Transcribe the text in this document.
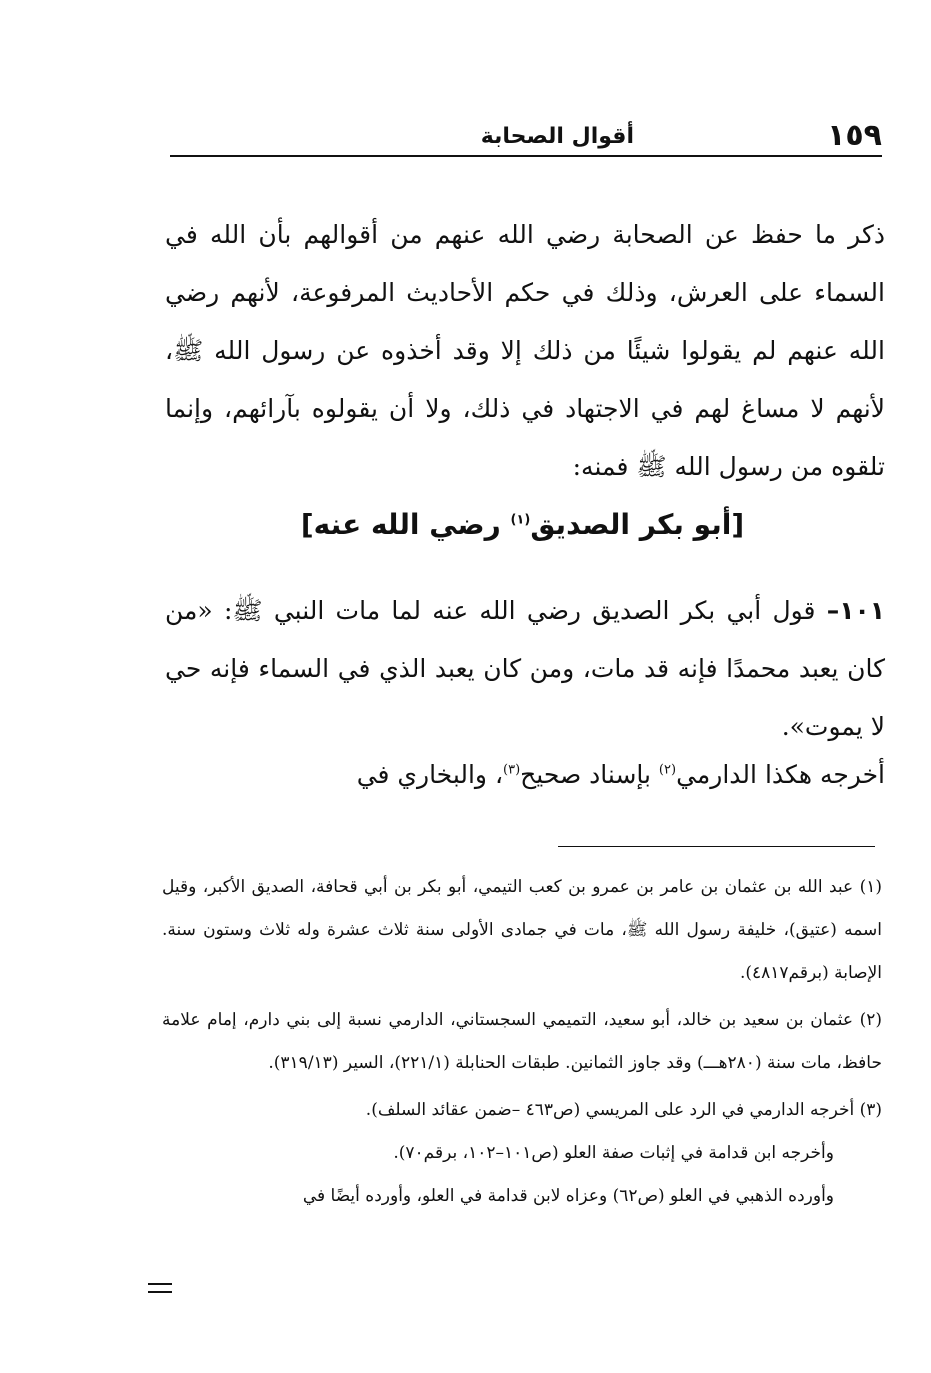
١٥٩
أقوال الصحابة
ذكر ما حفظ عن الصحابة رضي الله عنهم من أقوالهم بأن الله في السماء على العرش، وذلك في حكم الأحاديث المرفوعة، لأنهم رضي الله عنهم لم يقولوا شيئًا من ذلك إلا وقد أخذوه عن رسول الله ﷺ، لأنهم لا مساغ لهم في الاجتهاد في ذلك، ولا أن يقولوه بآرائهم، وإنما تلقوه من رسول الله ﷺ فمنه:
[أبو بكر الصديق$^{(١)}$ رضي الله عنه]
١٠١– قول أبي بكر الصديق رضي الله عنه لما مات النبي ﷺ: «من كان يعبد محمدًا فإنه قد مات، ومن كان يعبد الذي في السماء فإنه حي لا يموت».
أخرجه هكذا الدارمي$^{(٢)}$ بإسناد صحيح$^{(٣)}$، والبخاري في
(١) عبد الله بن عثمان بن عامر بن عمرو بن كعب التيمي، أبو بكر بن أبي قحافة، الصديق الأكبر، وقيل اسمه (عتيق)، خليفة رسول الله ﷺ، مات في جمادى الأولى سنة ثلاث عشرة وله ثلاث وستون سنة. الإصابة (برقم٤٨١٧).
(٢) عثمان بن سعيد بن خالد، أبو سعيد، التميمي السجستاني، الدارمي نسبة إلى بني دارم، إمام علامة حافظ، مات سنة (٢٨٠هـــ) وقد جاوز الثمانين. طبقات الحنابلة (٢٢١/١)، السير (٣١٩/١٣).
(٣) أخرجه الدارمي في الرد على المريسي (ص٤٦٣ –ضمن عقائد السلف).
وأخرجه ابن قدامة في إثبات صفة العلو (ص١٠١–١٠٢، برقم٧٠).
وأورده الذهبي في العلو (ص٦٢) وعزاه لابن قدامة في العلو، وأورده أيضًا في
